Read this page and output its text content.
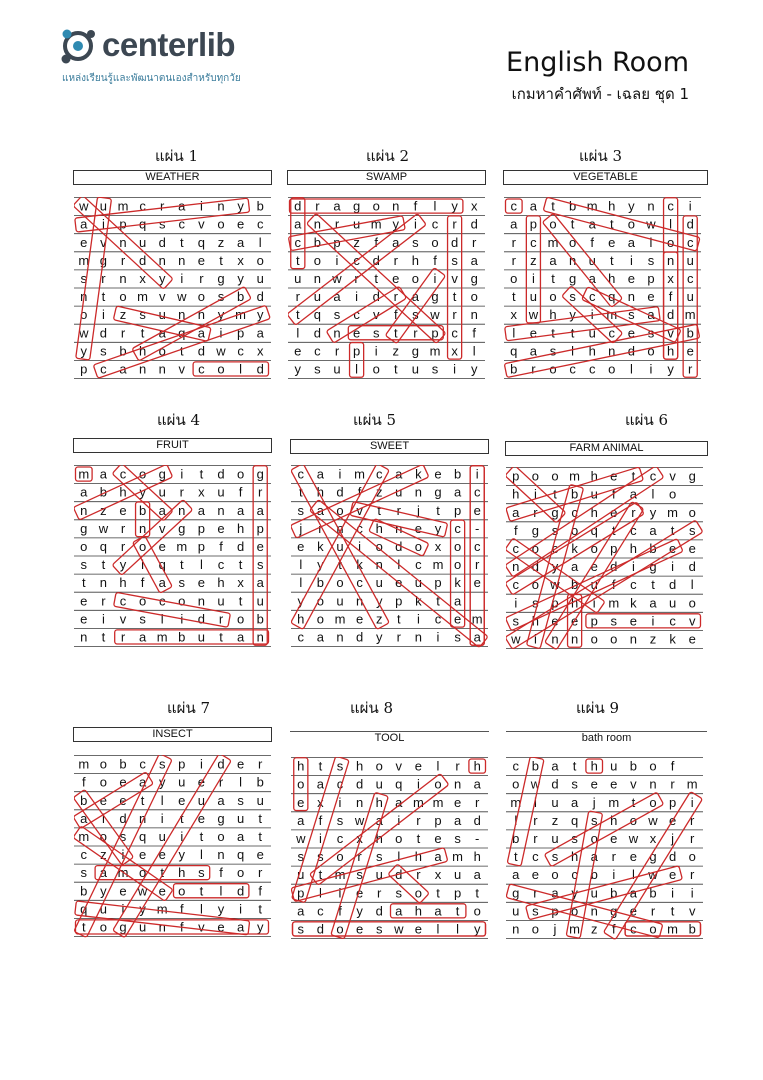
centerlib
แหล่งเรียนรู้และพัฒนาตนเองสำหรับทุกวัย
English Room
เกมหาคำศัพท์ - เฉลย ชุด 1
แผ่น 1
WEATHER
w u m c r a i n y b
a i p q s c v o e c
e v n u d t q z a l
m g r d n n e t x o
s r n x y i r g y u
n t o m v w o s b d
o i z s u n n y m y
w d r t a q a i p a
y s b h o t d w c x
p c a n n v c o l d
แผ่น 2
SWAMP
d r a g o n f l y x
a n r u m y i c r d
c b p z f a s o d r
t o i c d r h f s a
u n w r t e o i v g
r u a i d r a g t o
t q s c v f s w r n
l d n e s t r p c f
e c r p i z g m x l
y s u l o t u s i y
แผ่น 3
VEGETABLE
c a t b m h y n c i
a p o t a t o w l d
r c m o f e a l o c
r z a n u t i s n u
o i t g a h e p x c
t u o s c q n e f u
x w h y i m s a d m
l e t t u c e s v b
q a s l h n d o h e
b r o c c o l i y r
แผ่น 4
FRUIT
m a c o g i t d o g
a b h y u r x u f r
n z e b a n a n a a
g w r n v g p e h p
o q r o e m p f d e
s t y i q t l c t s
t n h f a s e h x a
e r c o c o n u t u
e i v s l i d r o b
n t r a m b u t a n
แผ่น 5
SWEET
c a i m c a k e b i
t h d f z u n g a c
s a o v t r j t p e
j r n c h n e y c -
e k u i o d o x o c
l y t k n l c m o r
l b o c u e u p k e
y o u n y p k t a
h o m e z t i c e m
c a n d y r n i s a
แผ่น 6
FARM ANIMAL
p o o m h e t c v g
h i t b u f a l o
a r g c h e r y m o
f g s o q t c a t s
c o c k o p h b e e
n d y a e d i g i d
c o w b u f c t d l
i s p h i m k a u o
s h e e p s e i c v
w i n n o o n z k e
แผ่น 7
INSECT
m o b c s p i d e r
f o e a y u e r l b
b e e t l e u a s u
a i d n i t e g u t
m o s q u i t o a t
c z i e e y l n q e
s a m o t h s f o r
b y e w e o t l d f
q u i y m f l y i t
t o g u n f v e a y
แผ่น 8
TOOL
h t s h o v e l r h
o a c d u q i o n a
e x i n h a m m e r
a f s w a i r p a d
w i c x h o t e s -
s s o r s l h a m h
u t m s u d r x u a
p l i e r s o t p t
a c f y d a h a t o
s d o e s w e l l y
แผ่น 9
bath room
c b a t h u b o f
o w d s e e v n r m
m i u a j m t o p i
l r z q s h o w e r
b r u s o e w x j r
t c s h a r e g d o
a e o c b i l w e r
g r a y u b a b i i
u s p o n g e r t v
n o j m z f c o m b
